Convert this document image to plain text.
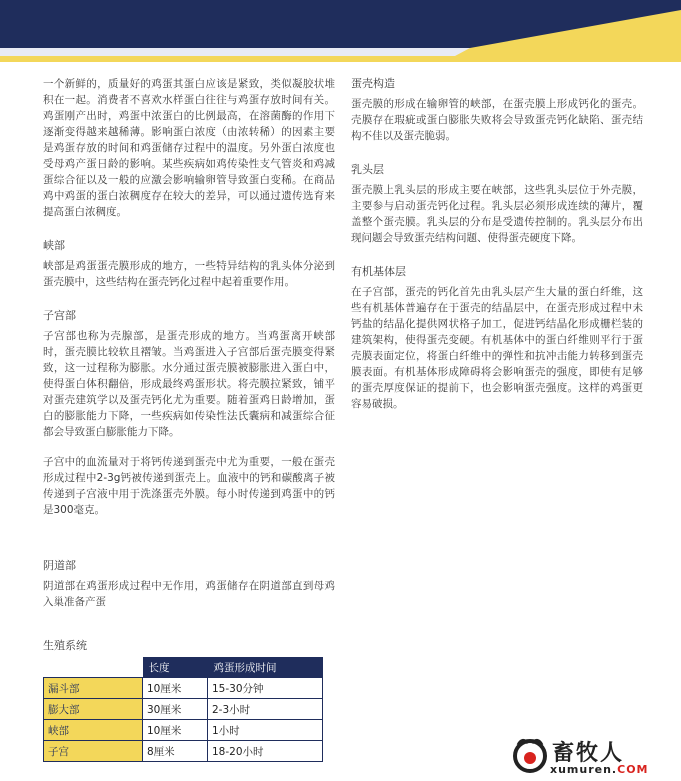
一个新鲜的，质量好的鸡蛋其蛋白应该是紧致，类似凝胶状堆积在一起。消费者不喜欢水样蛋白往往与鸡蛋存放时间有关。鸡蛋刚产出时，鸡蛋中浓蛋白的比例最高，在溶菌酶的作用下逐渐变得越来越稀薄。影响蛋白浓度（由浓转稀）的因素主要是鸡蛋存放的时间和鸡蛋储存过程中的温度。另外蛋白浓度也受母鸡产蛋日龄的影响。某些疾病如鸡传染性支气管炎和鸡减蛋综合征以及一般的应激会影响输卵管导致蛋白变稀。在商品鸡中鸡蛋的蛋白浓稠度存在较大的差异，可以通过遗传选育来提高蛋白浓稠度。

峡部

峡部是鸡蛋蛋壳膜形成的地方，一些特异结构的乳头体分泌到蛋壳膜中，这些结构在蛋壳钙化过程中起着重要作用。

子宫部

子宫部也称为壳腺部，是蛋壳形成的地方。当鸡蛋离开峡部时，蛋壳膜比较软且褶皱。当鸡蛋进入子宫部后蛋壳膜变得紧致，这一过程称为膨胀。水分通过蛋壳膜被膨胀进入蛋白中，使得蛋白体积翻倍，形成最终鸡蛋形状。将壳膜拉紧致，铺平对蛋壳建筑学以及蛋壳钙化尤为重要。随着蛋鸡日龄增加，蛋白的膨胀能力下降，一些疾病如传染性法氏囊病和减蛋综合征都会导致蛋白膨胀能力下降。

子宫中的血流量对于将钙传递到蛋壳中尤为重要，一般在蛋壳形成过程中2-3g钙被传递到蛋壳上。血液中的钙和碳酸离子被传递到子宫液中用于洗涤蛋壳外膜。每小时传递到鸡蛋中的钙是300毫克。

阴道部

阴道部在鸡蛋形成过程中无作用，鸡蛋储存在阴道部直到母鸡入巢准备产蛋

蛋壳构造

蛋壳膜的形成在输卵管的峡部，在蛋壳膜上形成钙化的蛋壳。壳膜存在瑕疵或蛋白膨胀失败将会导致蛋壳钙化缺陷、蛋壳结构不佳以及蛋壳脆弱。

乳头层

蛋壳膜上乳头层的形成主要在峡部，这些乳头层位于外壳膜，主要参与启动蛋壳钙化过程。乳头层必须形成连续的薄片，覆盖整个蛋壳膜。乳头层的分布是受遗传控制的。乳头层分布出现问题会导致蛋壳结构问题、使得蛋壳硬度下降。

有机基体层

在子宫部，蛋壳的钙化首先由乳头层产生大量的蛋白纤维，这些有机基体普遍存在于蛋壳的结晶层中，在蛋壳形成过程中未钙盐的结晶化提供网状格子加工，促进钙结晶化形成栅栏装的建筑架构，使得蛋壳变硬。有机基体中的蛋白纤维则平行于蛋壳膜表面定位，将蛋白纤维中的弹性和抗冲击能力转移到蛋壳膜表面。有机基体形成障碍将会影响蛋壳的强度，即使有足够的蛋壳厚度保证的提前下，也会影响蛋壳强度。这样的鸡蛋更容易破损。

生殖系统
	长度	鸡蛋形成时间
漏斗部	10厘米	15-30分钟
膨大部	30厘米	2-3小时
峡部	10厘米	1小时
子宫	8厘米	18-20小时	畜牧人
xumuren.COM
